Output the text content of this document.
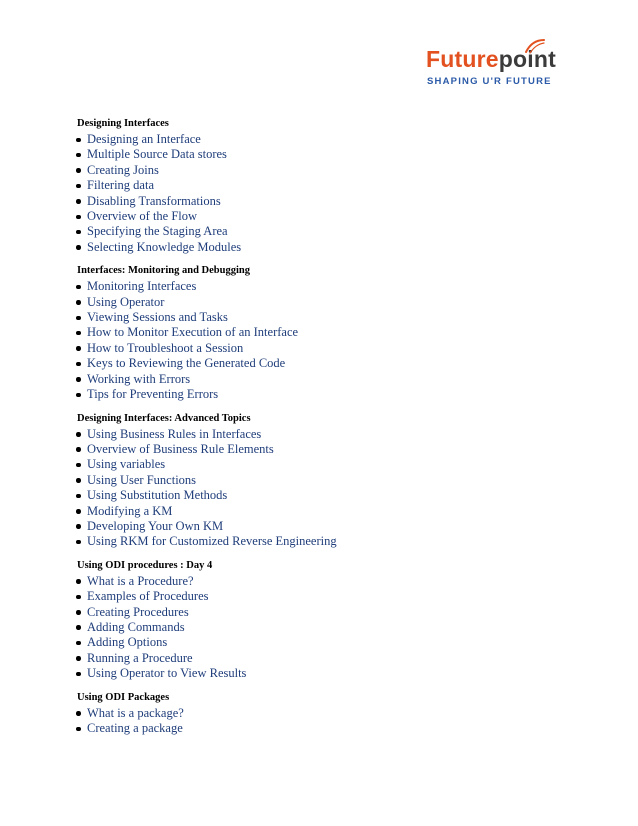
Futurepoint
SHAPING U'R FUTURE
Designing Interfaces
Designing an Interface
Multiple Source Data stores
Creating Joins
Filtering data
Disabling Transformations
Overview of the Flow
Specifying the Staging Area
Selecting Knowledge Modules
Interfaces: Monitoring and Debugging
Monitoring Interfaces
Using Operator
Viewing Sessions and Tasks
How to Monitor Execution of an Interface
How to Troubleshoot a Session
Keys to Reviewing the Generated Code
Working with Errors
Tips for Preventing Errors
Designing Interfaces: Advanced Topics
Using Business Rules in Interfaces
Overview of Business Rule Elements
Using variables
Using User Functions
Using Substitution Methods
Modifying a KM
Developing Your Own KM
Using RKM for Customized Reverse Engineering
Using ODI procedures : Day 4
What is a Procedure?
Examples of Procedures
Creating Procedures
Adding Commands
Adding Options
Running a Procedure
Using Operator to View Results
Using ODI Packages
What is a package?
Creating a package
